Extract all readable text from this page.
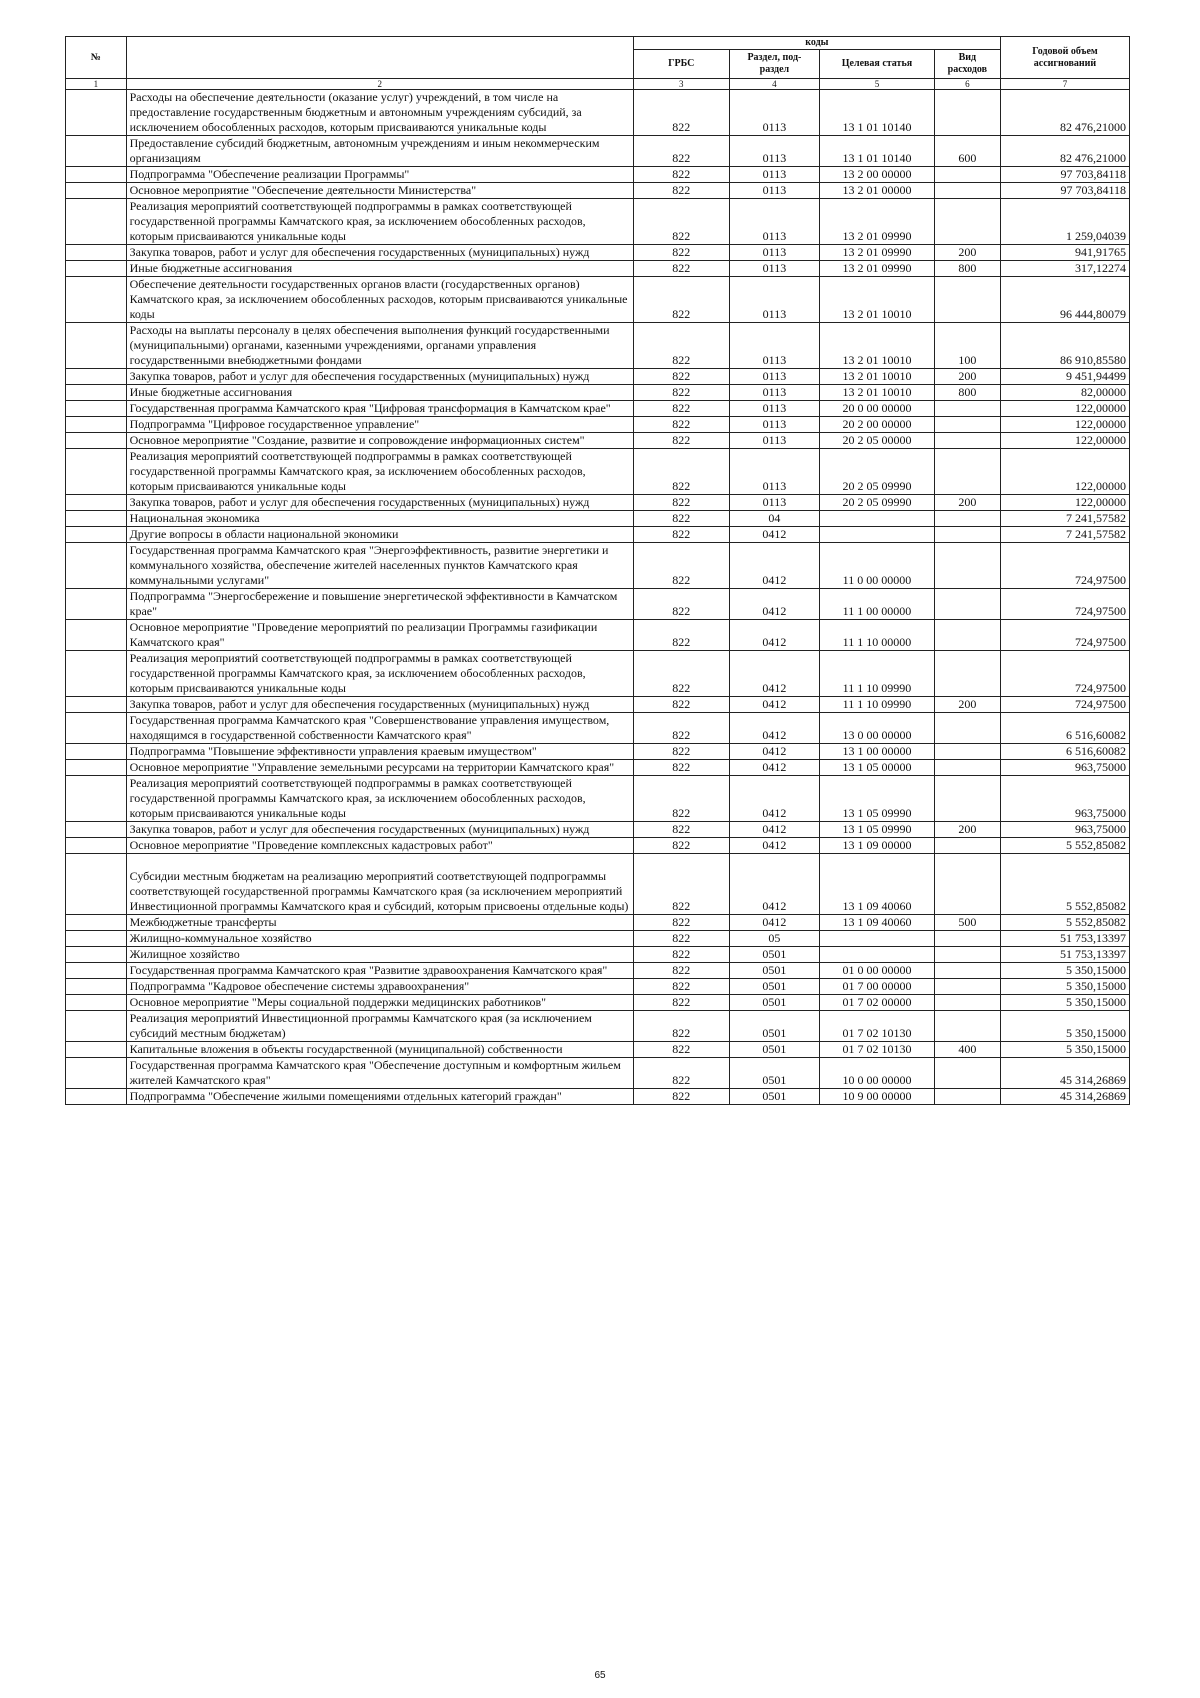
№		коды				Годовой объем ассигнований
		ГРБС	Раздел, под-раздел	Целевая статья	Вид расходов	
1	2	3	4	5	6	7
	Расходы на обеспечение деятельности (оказание услуг) учреждений, в том числе на предоставление государственным бюджетным и автономным учреждениям субсидий, за исключением обособленных расходов, которым присваиваются уникальные коды	822	0113	13 1 01 10140		82 476,21000
	Предоставление субсидий бюджетным, автономным учреждениям и иным некоммерческим организациям	822	0113	13 1 01 10140	600	82 476,21000
	Подпрограмма "Обеспечение реализации Программы"	822	0113	13 2 00 00000		97 703,84118
	Основное мероприятие "Обеспечение деятельности Министерства"	822	0113	13 2 01 00000		97 703,84118
	Реализация мероприятий соответствующей подпрограммы в рамках соответствующей государственной программы Камчатского края, за исключением обособленных расходов, которым присваиваются уникальные коды	822	0113	13 2 01 09990		1 259,04039
	Закупка товаров, работ и услуг для обеспечения государственных (муниципальных) нужд	822	0113	13 2 01 09990	200	941,91765
	Иные бюджетные ассигнования	822	0113	13 2 01 09990	800	317,12274
	Обеспечение деятельности государственных органов власти (государственных органов) Камчатского края, за исключением обособленных расходов, которым присваиваются уникальные коды	822	0113	13 2 01 10010		96 444,80079
	Расходы на выплаты персоналу в целях обеспечения выполнения функций государственными (муниципальными) органами, казенными учреждениями, органами управления государственными внебюджетными фондами	822	0113	13 2 01 10010	100	86 910,85580
	Закупка товаров, работ и услуг для обеспечения государственных (муниципальных) нужд	822	0113	13 2 01 10010	200	9 451,94499
	Иные бюджетные ассигнования	822	0113	13 2 01 10010	800	82,00000
	Государственная программа Камчатского края "Цифровая трансформация в Камчатском крае"	822	0113	20 0 00 00000		122,00000
	Подпрограмма "Цифровое государственное управление"	822	0113	20 2 00 00000		122,00000
	Основное мероприятие "Создание, развитие и сопровождение информационных систем"	822	0113	20 2 05 00000		122,00000
	Реализация мероприятий соответствующей подпрограммы в рамках соответствующей государственной программы Камчатского края, за исключением обособленных расходов, которым присваиваются уникальные коды	822	0113	20 2 05 09990		122,00000
	Закупка товаров, работ и услуг для обеспечения государственных (муниципальных) нужд	822	0113	20 2 05 09990	200	122,00000
	Национальная экономика	822	04			7 241,57582
	Другие вопросы в области национальной экономики	822	0412			7 241,57582
	Государственная программа Камчатского края "Энергоэффективность, развитие энергетики и коммунального хозяйства, обеспечение жителей населенных пунктов Камчатского края коммунальными услугами"	822	0412	11 0 00 00000		724,97500
	Подпрограмма "Энергосбережение и повышение энергетической эффективности в Камчатском крае"	822	0412	11 1 00 00000		724,97500
	Основное мероприятие "Проведение мероприятий по реализации Программы газификации Камчатского края"	822	0412	11 1 10 00000		724,97500
	Реализация мероприятий соответствующей подпрограммы в рамках соответствующей государственной программы Камчатского края, за исключением обособленных расходов, которым присваиваются уникальные коды	822	0412	11 1 10 09990		724,97500
	Закупка товаров, работ и услуг для обеспечения государственных (муниципальных) нужд	822	0412	11 1 10 09990	200	724,97500
	Государственная программа Камчатского края "Совершенствование управления имуществом, находящимся в государственной собственности Камчатского края"	822	0412	13 0 00 00000		6 516,60082
	Подпрограмма "Повышение эффективности управления краевым имуществом"	822	0412	13 1 00 00000		6 516,60082
	Основное мероприятие "Управление земельными ресурсами на территории Камчатского края"	822	0412	13 1 05 00000		963,75000
	Реализация мероприятий соответствующей подпрограммы в рамках соответствующей государственной программы Камчатского края, за исключением обособленных расходов, которым присваиваются уникальные коды	822	0412	13 1 05 09990		963,75000
	Закупка товаров, работ и услуг для обеспечения государственных (муниципальных) нужд	822	0412	13 1 05 09990	200	963,75000
	Основное мероприятие "Проведение комплексных кадастровых работ"	822	0412	13 1 09 00000		5 552,85082
	Субсидии местным бюджетам на реализацию мероприятий соответствующей подпрограммы соответствующей государственной программы Камчатского края (за исключением мероприятий Инвестиционной программы Камчатского края и субсидий, которым присвоены отдельные коды)	822	0412	13 1 09 40060		5 552,85082
	Межбюджетные трансферты	822	0412	13 1 09 40060	500	5 552,85082
	Жилищно-коммунальное хозяйство	822	05			51 753,13397
	Жилищное хозяйство	822	0501			51 753,13397
	Государственная программа Камчатского края "Развитие здравоохранения Камчатского края"	822	0501	01 0 00 00000		5 350,15000
	Подпрограмма "Кадровое обеспечение системы здравоохранения"	822	0501	01 7 00 00000		5 350,15000
	Основное мероприятие "Меры социальной поддержки медицинских работников"	822	0501	01 7 02 00000		5 350,15000
	Реализация мероприятий Инвестиционной программы Камчатского края (за исключением субсидий местным бюджетам)	822	0501	01 7 02 10130		5 350,15000
	Капитальные вложения в объекты государственной (муниципальной) собственности	822	0501	01 7 02 10130	400	5 350,15000
	Государственная программа Камчатского края "Обеспечение доступным и комфортным жильем жителей Камчатского края"	822	0501	10 0 00 00000		45 314,26869
	Подпрограмма "Обеспечение жилыми помещениями отдельных категорий граждан"	822	0501	10 9 00 00000		45 314,26869
65
